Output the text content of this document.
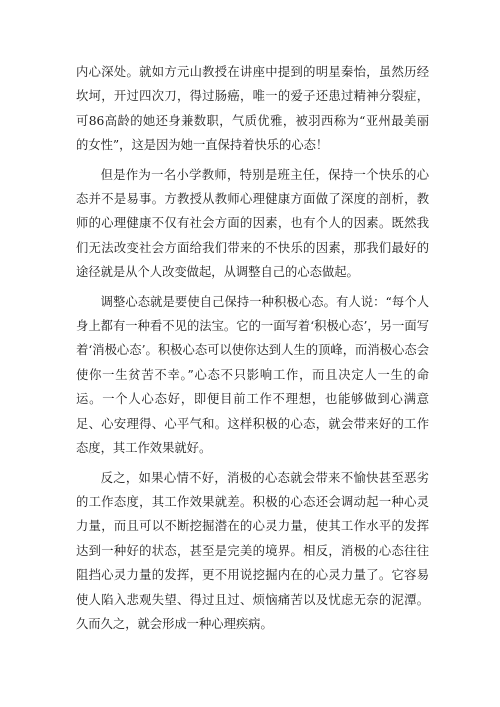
内心深处。就如方元山教授在讲座中提到的明星秦怡，虽然历经坎坷，开过四次刀，得过肠癌，唯一的爱子还患过精神分裂症，可86高龄的她还身兼数职，气质优雅，被羽西称为“亚州最美丽的女性”，这是因为她一直保持着快乐的心态！

但是作为一名小学教师，特别是班主任，保持一个快乐的心态并不是易事。方教授从教师心理健康方面做了深度的剖析，教师的心理健康不仅有社会方面的因素，也有个人的因素。既然我们无法改变社会方面给我们带来的不快乐的因素，那我们最好的途径就是从个人改变做起，从调整自己的心态做起。

调整心态就是要使自己保持一种积极心态。有人说：“每个人身上都有一种看不见的法宝。它的一面写着‘积极心态’，另一面写着‘消极心态’。积极心态可以使你达到人生的顶峰，而消极心态会使你一生贫苦不幸。”心态不只影响工作，而且决定人一生的命运。一个人心态好，即便目前工作不理想，也能够做到心满意足、心安理得、心平气和。这样积极的心态，就会带来好的工作态度，其工作效果就好。

反之，如果心情不好，消极的心态就会带来不愉快甚至恶劣的工作态度，其工作效果就差。积极的心态还会调动起一种心灵力量，而且可以不断挖掘潜在的心灵力量，使其工作水平的发挥达到一种好的状态，甚至是完美的境界。相反，消极的心态往往阻挡心灵力量的发挥，更不用说挖掘内在的心灵力量了。它容易使人陷入悲观失望、得过且过、烦恼痛苦以及忧虑无奈的泥潭。久而久之，就会形成一种心理疾病。
